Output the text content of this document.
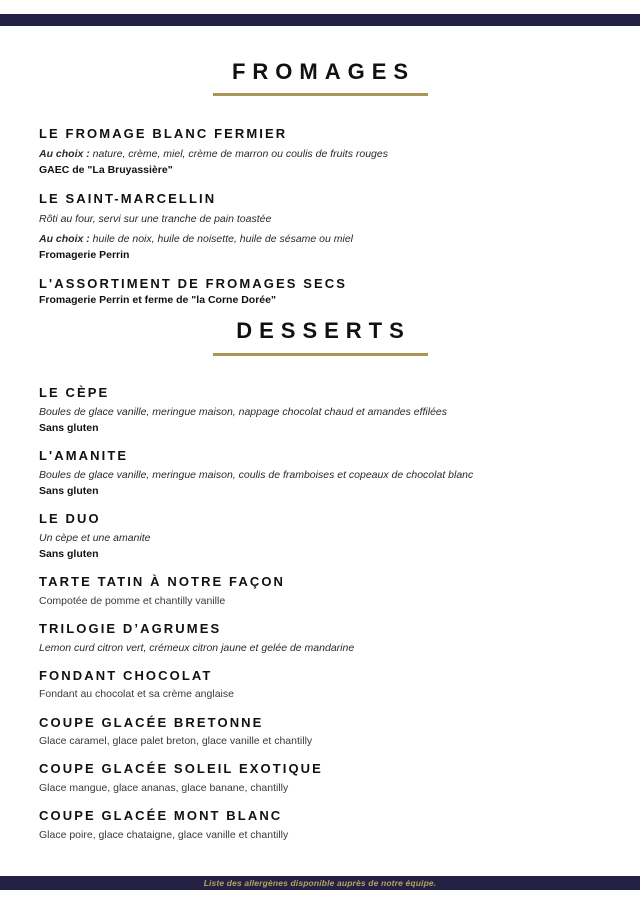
FROMAGES
LE FROMAGE BLANC FERMIER
Au choix : nature, crème, miel, crème de marron ou coulis de fruits rouges
GAEC de "La Bruyassière"
LE SAINT-MARCELLIN
Rôti au four, servi sur une tranche de pain toastée
Au choix : huile de noix, huile de noisette, huile de sésame ou miel
Fromagerie Perrin
L'ASSORTIMENT DE FROMAGES SECS
Fromagerie Perrin et ferme de "la Corne Dorée"
DESSERTS
LE CÈPE
Boules de glace vanille, meringue maison, nappage chocolat chaud et amandes effilées
Sans gluten
L'AMANITE
Boules de glace vanille, meringue maison, coulis de framboises et copeaux de chocolat blanc
Sans gluten
LE DUO
Un cèpe et une amanite
Sans gluten
TARTE TATIN À NOTRE FAÇON
Compotée de pomme et chantilly vanille
TRILOGIE D’AGRUMES
Lemon curd citron vert, crémeux citron jaune et gelée de mandarine
FONDANT CHOCOLAT
Fondant au chocolat et sa crème anglaise
COUPE GLACÉE BRETONNE
Glace caramel, glace palet breton, glace vanille et chantilly
COUPE GLACÉE SOLEIL EXOTIQUE
Glace mangue, glace ananas, glace banane, chantilly
COUPE GLACÉE MONT BLANC
Glace poire, glace chataigne, glace vanille et chantilly
Liste des allergènes disponible auprès de notre équipe.
